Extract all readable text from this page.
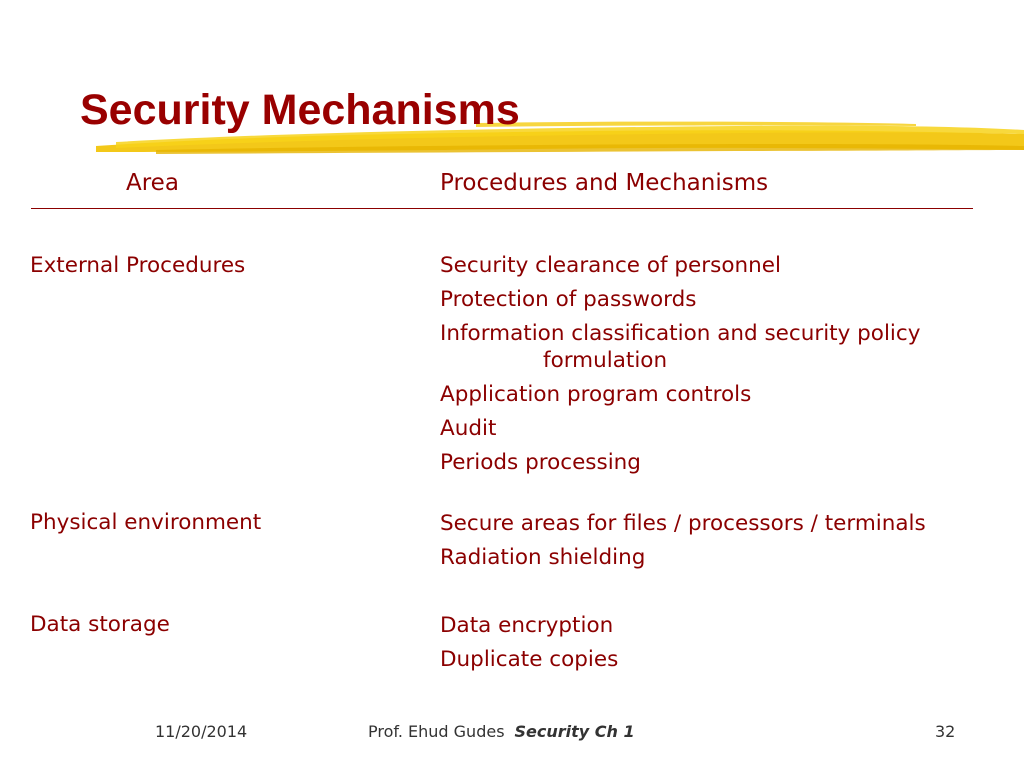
Security Mechanisms
Area	Procedures and Mechanisms
External Procedures	Security clearance of personnel
Protection of passwords
Information classification and security policy
formulation
Application program controls
Audit
Periods processing
Physical environment	Secure areas for files / processors / terminals
Radiation shielding
Data storage	Data encryption
Duplicate copies
11/20/2014	Prof. Ehud Gudes Security Ch 1	32
